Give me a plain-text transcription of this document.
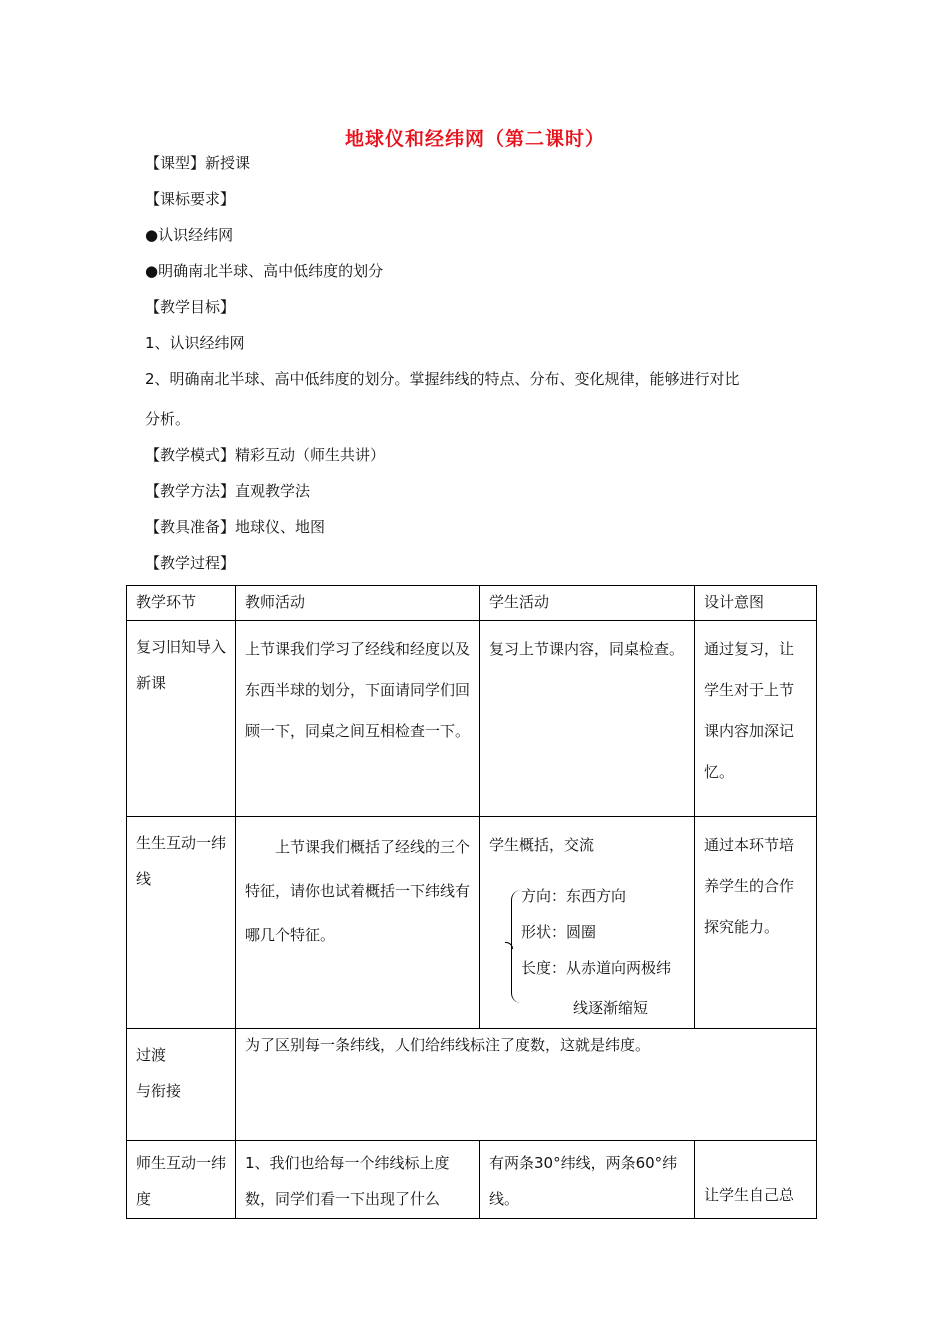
地球仪和经纬网（第二课时）
【课型】新授课
【课标要求】
●认识经纬网
●明确南北半球、高中低纬度的划分
【教学目标】
1、认识经纬网
2、明确南北半球、高中低纬度的划分。掌握纬线的特点、分布、变化规律，能够进行对比
分析。
【教学模式】精彩互动（师生共讲）
【教学方法】直观教学法
【教具准备】地球仪、地图
【教学过程】
教学环节	教师活动	学生活动	设计意图
复习旧知导入新课	上节课我们学习了经线和经度以及东西半球的划分，下面请同学们回顾一下，同桌之间互相检查一下。	复习上节课内容，同桌检查。	通过复习，让学生对于上节课内容加深记忆。
生生互动一纬线	上节课我们概括了经线的三个特征，请你也试着概括一下纬线有哪几个特征。	学生概括，交流
方向：东西方向
形状：圆圈
长度：从赤道向两极纬
线逐渐缩短	通过本环节培养学生的合作探究能力。

过渡
与衔接	为了区别每一条纬线，人们给纬线标注了度数，这就是纬度。		
师生互动一纬度	1、我们也给每一个纬线标上度数，同学们看一下出现了什么	有两条30°纬线，两条60°纬线。	让学生自己总
